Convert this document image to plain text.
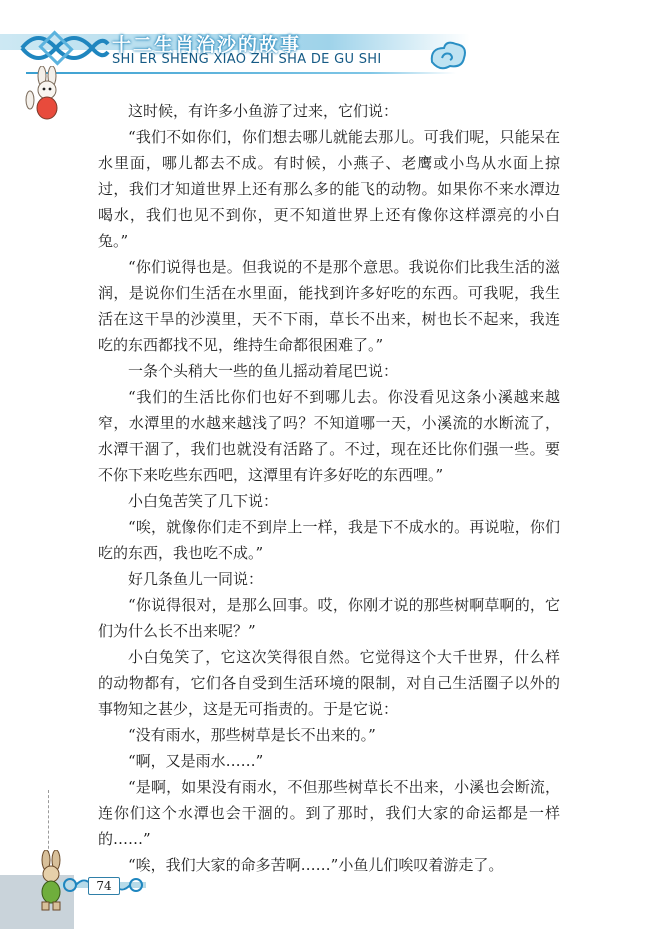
十二生肖治沙的故事
SHI ER SHENG XIAO ZHI SHA DE GU SHI

这时候，有许多小鱼游了过来，它们说：

“我们不如你们，你们想去哪儿就能去那儿。可我们呢，只能呆在水里面，哪儿都去不成。有时候，小燕子、老鹰或小鸟从水面上掠过，我们才知道世界上还有那么多的能飞的动物。如果你不来水潭边喝水，我们也见不到你，更不知道世界上还有像你这样漂亮的小白兔。”

“你们说得也是。但我说的不是那个意思。我说你们比我生活的滋润，是说你们生活在水里面，能找到许多好吃的东西。可我呢，我生活在这干旱的沙漠里，天不下雨，草长不出来，树也长不起来，我连吃的东西都找不见，维持生命都很困难了。”

一条个头稍大一些的鱼儿摇动着尾巴说：

“我们的生活比你们也好不到哪儿去。你没看见这条小溪越来越窄，水潭里的水越来越浅了吗？不知道哪一天，小溪流的水断流了，水潭干涸了，我们也就没有活路了。不过，现在还比你们强一些。要不你下来吃些东西吧，这潭里有许多好吃的东西哩。”

小白兔苦笑了几下说：

“唉，就像你们走不到岸上一样，我是下不成水的。再说啦，你们吃的东西，我也吃不成。”

好几条鱼儿一同说：

“你说得很对，是那么回事。哎，你刚才说的那些树啊草啊的，它们为什么长不出来呢？”

小白兔笑了，它这次笑得很自然。它觉得这个大千世界，什么样的动物都有，它们各自受到生活环境的限制，对自己生活圈子以外的事物知之甚少，这是无可指责的。于是它说：

“没有雨水，那些树草是长不出来的。”

“啊，又是雨水……”

“是啊，如果没有雨水，不但那些树草长不出来，小溪也会断流，连你们这个水潭也会干涸的。到了那时，我们大家的命运都是一样的……”

“唉，我们大家的命多苦啊……”小鱼儿们唉叹着游走了。

74
